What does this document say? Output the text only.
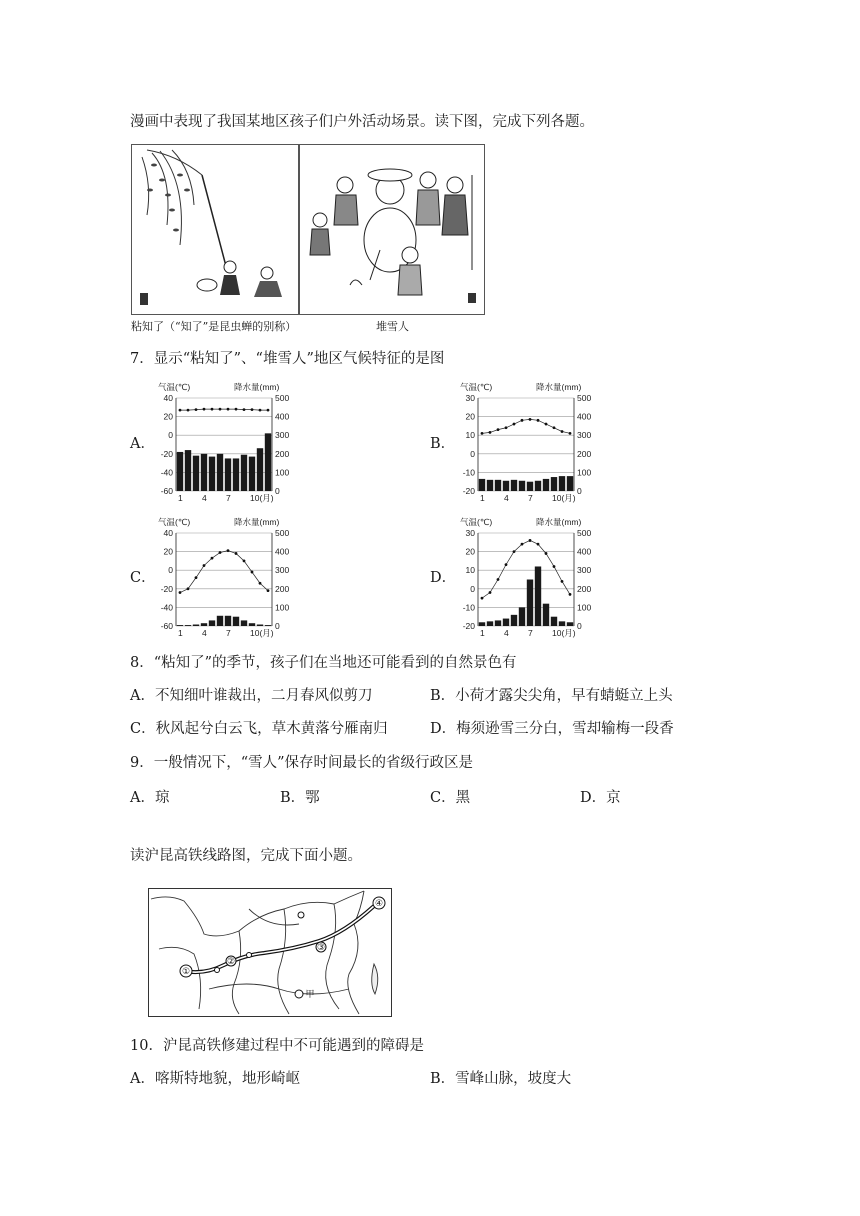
漫画中表现了我国某地区孩子们户外活动场景。读下图，完成下列各题。
粘知了（“知了”是昆虫蝉的别称）	堆雪人
7．显示“粘知了”、“堆雪人”地区气候特征的是图
A．	B．
C．	D．
气温(℃)	降水量(mm)
40	500
20	400
0	300
-20	200
-40	100
-60	0
1 4 7 10(月)
气温(℃)	降水量(mm)
30	500
20	400
10	300
0	200
-10	100
-20	0
1 4 7 10(月)
气温(℃)	降水量(mm)
40	500
20	400
0	300
-20	200
-40	100
-60	0
1 4 7 10(月)
气温(℃)	降水量(mm)
30	500
20	400
10	300
0	200
-10	100
-20	0
1 4 7 10(月)
8．“粘知了”的季节，孩子们在当地还可能看到的自然景色有
A．不知细叶谁裁出，二月春风似剪刀	B．小荷才露尖尖角，早有蜻蜓立上头
C．秋风起兮白云飞，草木黄落兮雁南归	D．梅须逊雪三分白，雪却输梅一段香
9．一般情况下，“雪人”保存时间最长的省级行政区是
A．琼	B．鄂	C．黑	D．京
读沪昆高铁线路图，完成下面小题。
①
②
③
④
甲
10．沪昆高铁修建过程中不可能遇到的障碍是
A．喀斯特地貌，地形崎岖	B．雪峰山脉，坡度大
